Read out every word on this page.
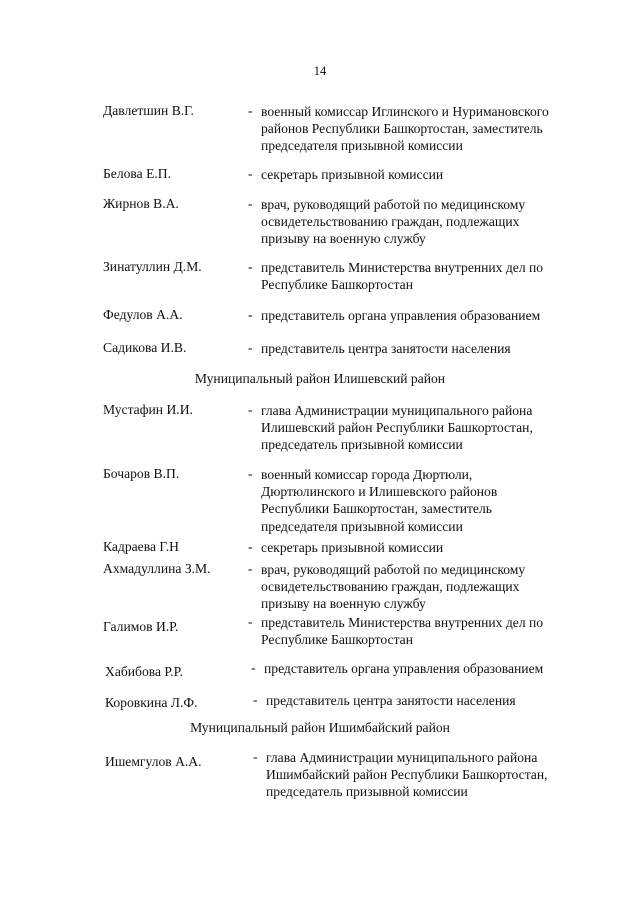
14
Давлетшин В.Г.	- военный комиссар Иглинского и Нуримановского
районов Республики Башкортостан, заместитель
председателя призывной комиссии
Белова Е.П.	- секретарь призывной комиссии
Жирнов В.А.	- врач, руководящий работой по медицинскому
освидетельствованию граждан, подлежащих
призыву на военную службу
Зинатуллин Д.М.	- представитель Министерства внутренних дел по
Республике Башкортостан
Федулов А.А.	- представитель органа управления образованием
Садикова И.В.	- представитель центра занятости населения
Муниципальный район Илишевский район
Мустафин И.И.	- глава Администрации муниципального района
Илишевский район Республики Башкортостан,
председатель призывной комиссии
Бочаров В.П.	- военный комиссар города Дюртюли,
Дюртюлинского и Илишевского районов
Республики Башкортостан, заместитель
председателя призывной комиссии
Кадраева Г.Н	- секретарь призывной комиссии
Ахмадуллина З.М.	- врач, руководящий работой по медицинскому
освидетельствованию граждан, подлежащих
призыву на военную службу
Галимов И.Р.	- представитель Министерства внутренних дел по
Республике Башкортостан
Хабибова Р.Р.	- представитель органа управления образованием
Коровкина Л.Ф.	- представитель центра занятости населения
Муниципальный район Ишимбайский район
Ишемгулов А.А.	- глава Администрации муниципального района
Ишимбайский район Республики Башкортостан,
председатель призывной комиссии
